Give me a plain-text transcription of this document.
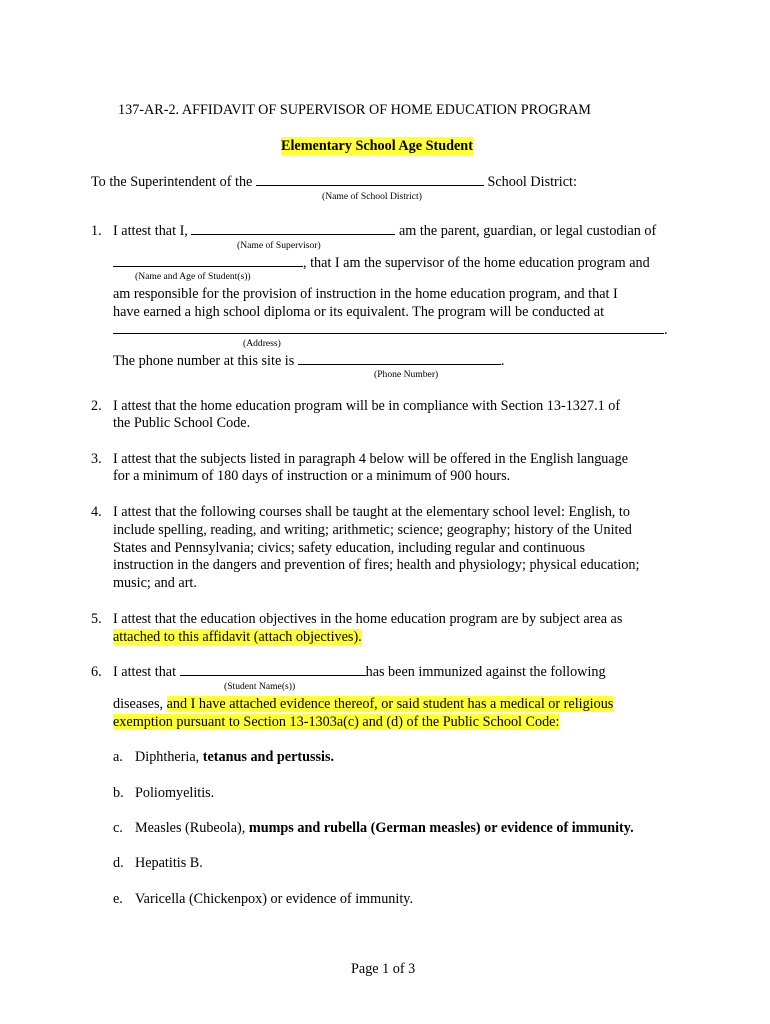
137-AR-2. AFFIDAVIT OF SUPERVISOR OF HOME EDUCATION PROGRAM
Elementary School Age Student
To the Superintendent of the	School District:
(Name of School District)
1. I attest that I,	am the parent, guardian, or legal custodian of
(Name of Supervisor)
, that I am the supervisor of the home education program and
(Name and Age of Student(s))
am responsible for the provision of instruction in the home education program, and that I
have earned a high school diploma or its equivalent. The program will be conducted at
.
(Address)
The phone number at this site is	.
(Phone Number)
2. I attest that the home education program will be in compliance with Section 13-1327.1 of
the Public School Code.
3. I attest that the subjects listed in paragraph 4 below will be offered in the English language
for a minimum of 180 days of instruction or a minimum of 900 hours.
4. I attest that the following courses shall be taught at the elementary school level: English, to
include spelling, reading, and writing; arithmetic; science; geography; history of the United
States and Pennsylvania; civics; safety education, including regular and continuous
instruction in the dangers and prevention of fires; health and physiology; physical education;
music; and art.
5. I attest that the education objectives in the home education program are by subject area as
attached to this affidavit (attach objectives).
6. I attest that	has been immunized against the following
(Student Name(s))
diseases, and I have attached evidence thereof, or said student has a medical or religious
exemption pursuant to Section 13-1303a(c) and (d) of the Public School Code:
a. Diphtheria, tetanus and pertussis.
b. Poliomyelitis.
c. Measles (Rubeola), mumps and rubella (German measles) or evidence of immunity.
d. Hepatitis B.
e. Varicella (Chickenpox) or evidence of immunity.
Page 1 of 3
